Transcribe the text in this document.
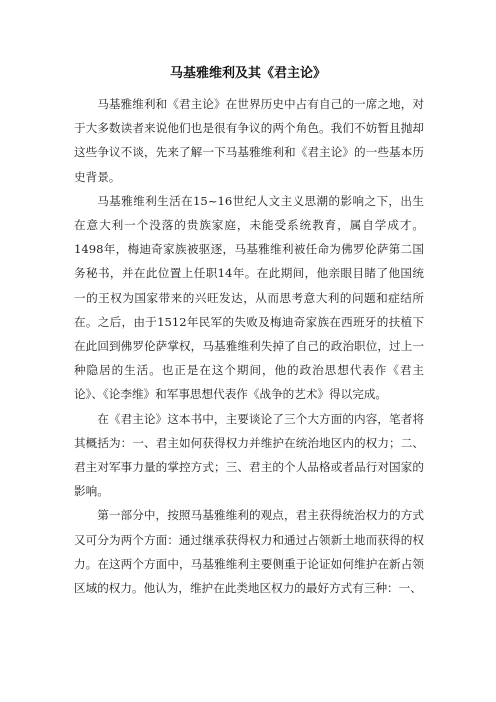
马基雅维利及其《君主论》

马基雅维利和《君主论》在世界历史中占有自己的一席之地，对于大多数读者来说他们也是很有争议的两个角色。我们不妨暂且抛却这些争议不谈，先来了解一下马基雅维利和《君主论》的一些基本历史背景。

马基雅维利生活在15~16世纪人文主义思潮的影响之下，出生在意大利一个没落的贵族家庭，未能受系统教育，属自学成才。1498年，梅迪奇家族被驱逐，马基雅维利被任命为佛罗伦萨第二国务秘书，并在此位置上任职14年。在此期间，他亲眼目睹了他国统一的王权为国家带来的兴旺发达，从而思考意大利的问题和症结所在。之后，由于1512年民军的失败及梅迪奇家族在西班牙的扶植下在此回到佛罗伦萨掌权，马基雅维利失掉了自己的政治职位，过上一种隐居的生活。也正是在这个期间，他的政治思想代表作《君主论》、《论李维》和军事思想代表作《战争的艺术》得以完成。

在《君主论》这本书中，主要谈论了三个大方面的内容，笔者将其概括为：一、君主如何获得权力并维护在统治地区内的权力；二、君主对军事力量的掌控方式；三、君主的个人品格或者品行对国家的影响。

第一部分中，按照马基雅维利的观点，君主获得统治权力的方式又可分为两个方面：通过继承获得权力和通过占领新土地而获得的权力。在这两个方面中，马基雅维利主要侧重于论证如何维护在新占领区域的权力。他认为，维护在此类地区权力的最好方式有三种：一、
